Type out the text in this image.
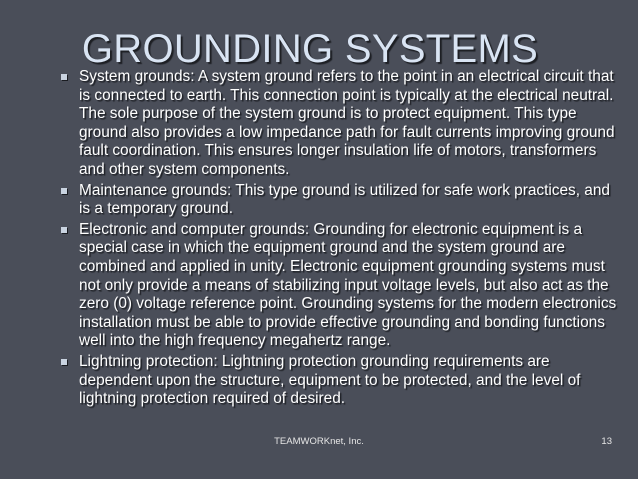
GROUNDING SYSTEMS
System grounds: A system ground refers to the point in an electrical circuit that is connected to earth. This connection point is typically at the electrical neutral. The sole purpose of the system ground is to protect equipment. This type ground also provides a low impedance path for fault currents improving ground fault coordination. This ensures longer insulation life of motors, transformers and other system components.
Maintenance grounds: This type ground is utilized for safe work practices, and is a temporary ground.
Electronic and computer grounds: Grounding for electronic equipment is a special case in which the equipment ground and the system ground are combined and applied in unity. Electronic equipment grounding systems must not only provide a means of stabilizing input voltage levels, but also act as the zero (0) voltage reference point. Grounding systems for the modern electronics installation must be able to provide effective grounding and bonding functions well into the high frequency megahertz range.
Lightning protection: Lightning protection grounding requirements are dependent upon the structure, equipment to be protected, and the level of lightning protection required of desired.
TEAMWORKnet, Inc.	13
